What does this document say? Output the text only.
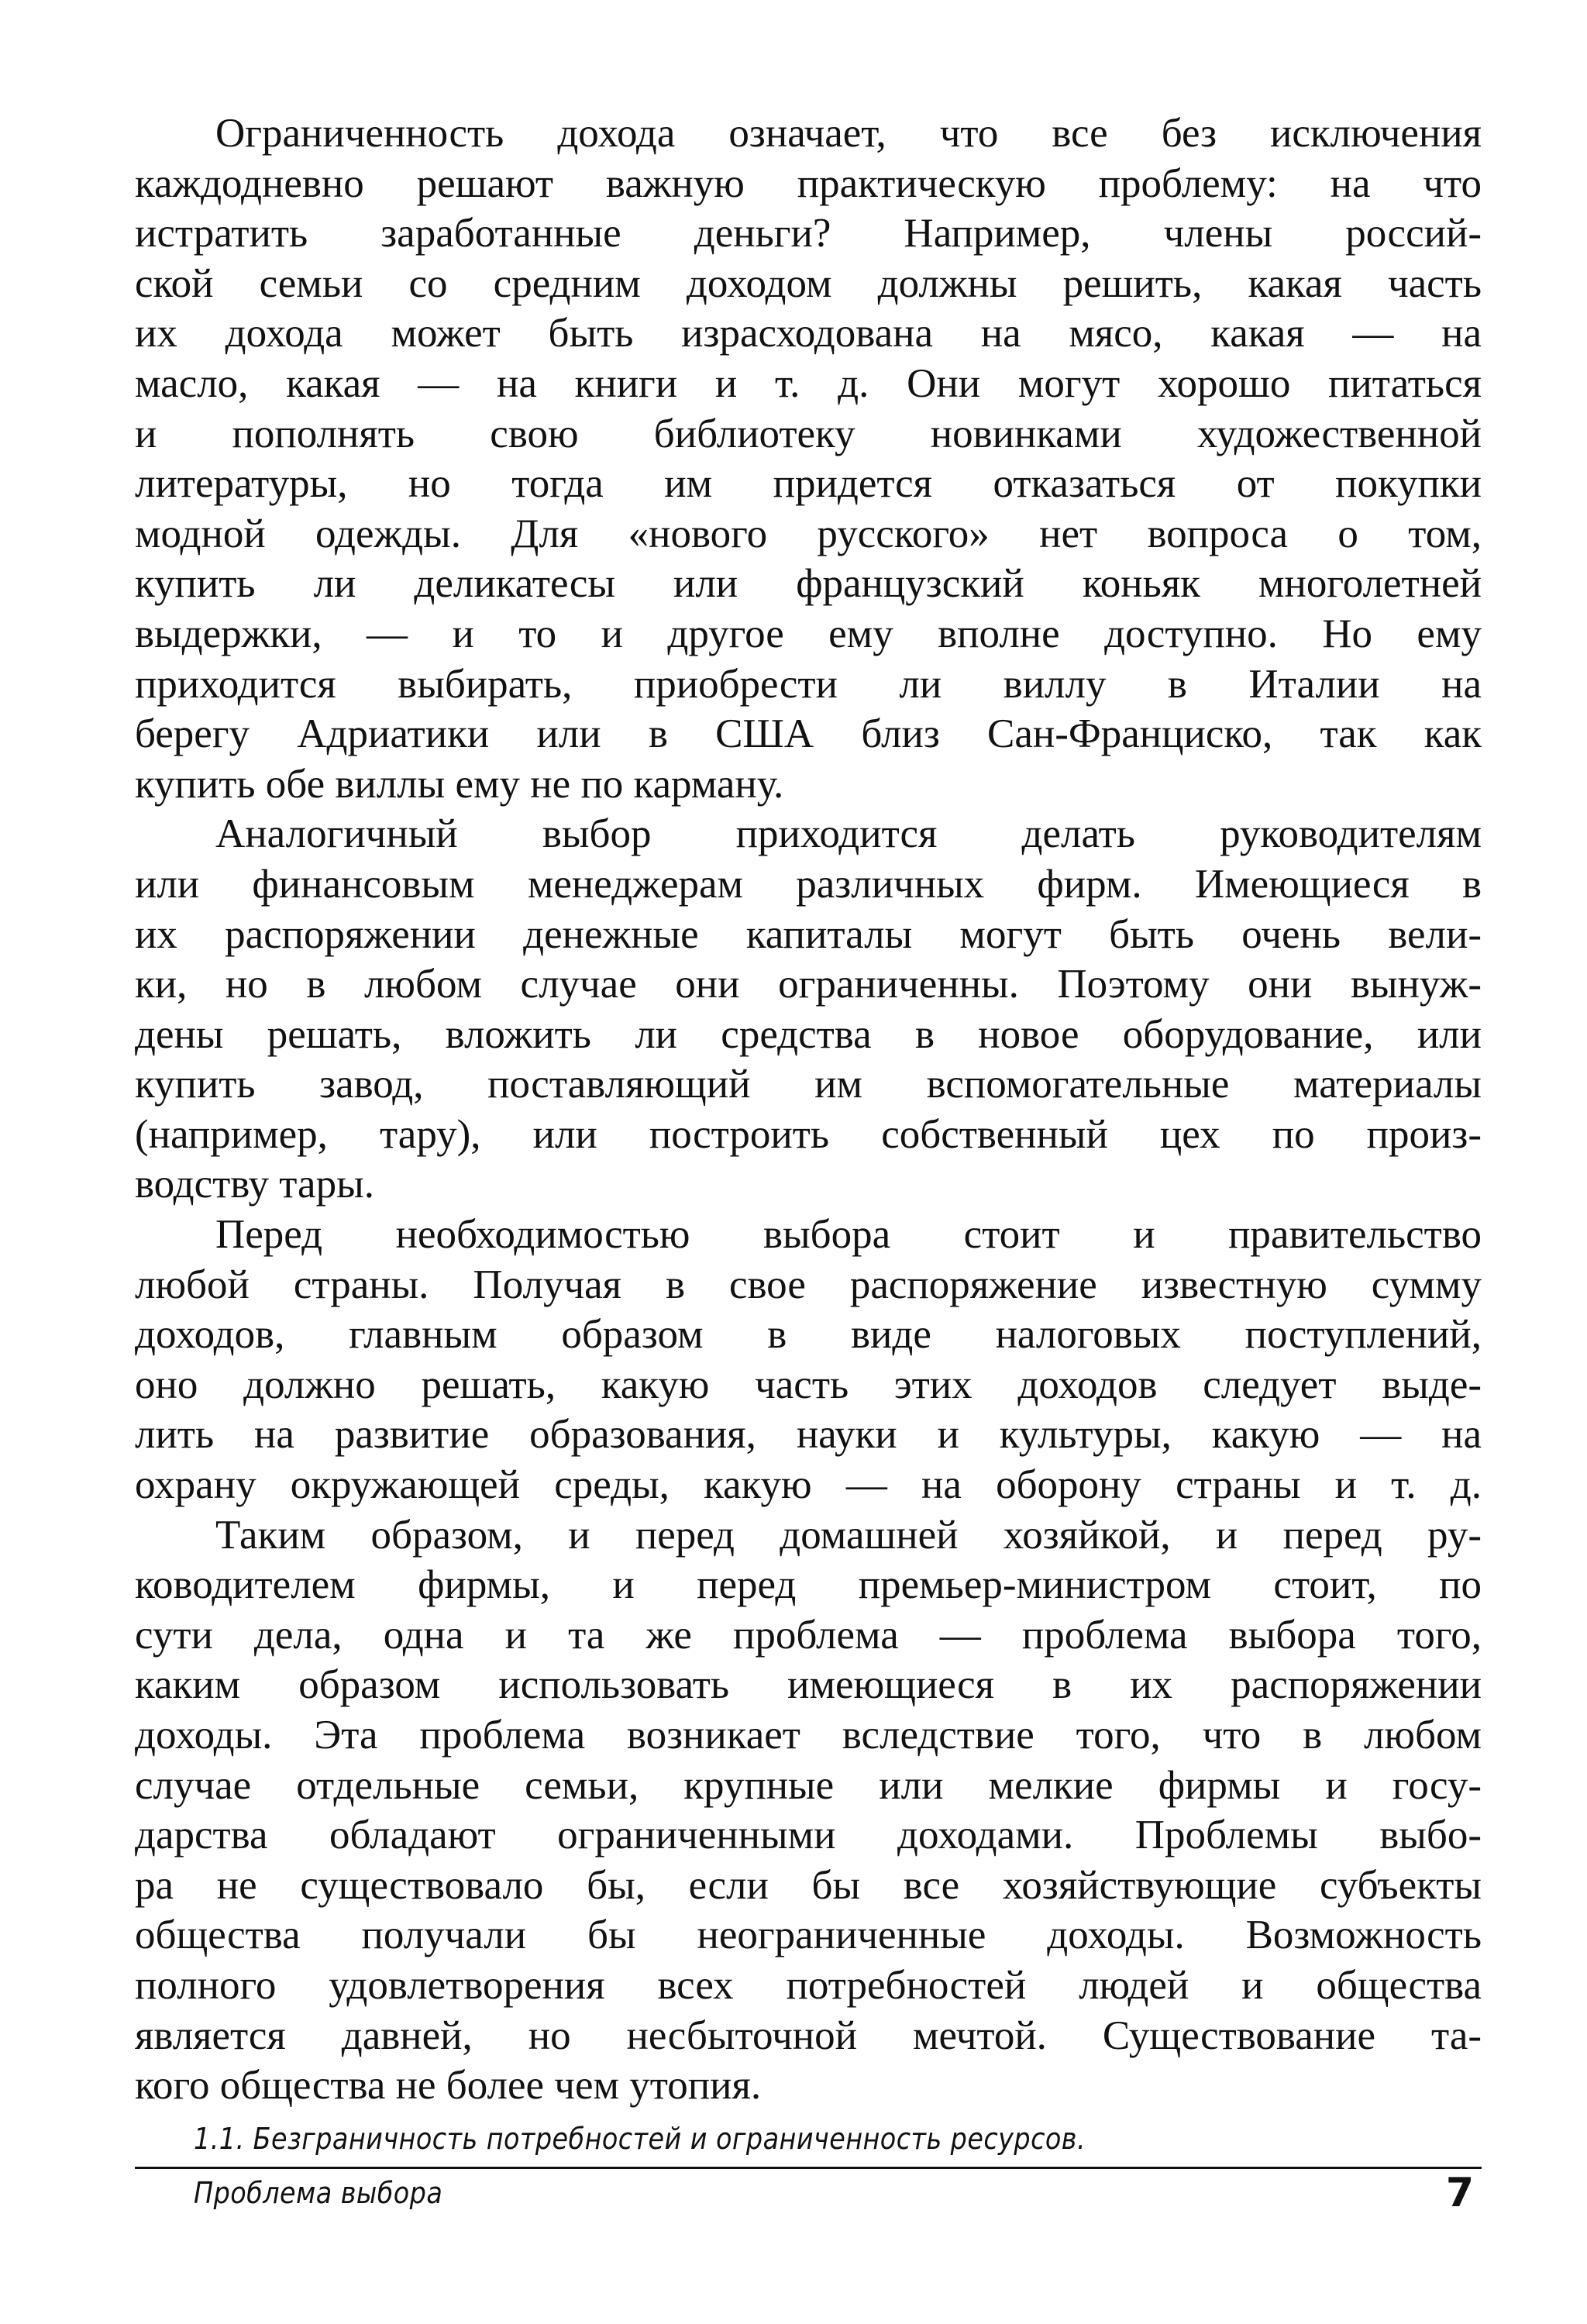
Ограниченность дохода означает, что все без исключения
каждодневно решают важную практическую проблему: на что
истратить заработанные деньги? Например, члены россий-
ской семьи со средним доходом должны решить, какая часть
их дохода может быть израсходована на мясо, какая — на
масло, какая — на книги и т. д. Они могут хорошо питаться
и пополнять свою библиотеку новинками художественной
литературы, но тогда им придется отказаться от покупки
модной одежды. Для «нового русского» нет вопроса о том,
купить ли деликатесы или французский коньяк многолетней
выдержки, — и то и другое ему вполне доступно. Но ему
приходится выбирать, приобрести ли виллу в Италии на
берегу Адриатики или в США близ Сан-Франциско, так как
купить обе виллы ему не по карману.
Аналогичный выбор приходится делать руководителям
или финансовым менеджерам различных фирм. Имеющиеся в
их распоряжении денежные капиталы могут быть очень вели-
ки, но в любом случае они ограниченны. Поэтому они вынуж-
дены решать, вложить ли средства в новое оборудование, или
купить завод, поставляющий им вспомогательные материалы
(например, тару), или построить собственный цех по произ-
водству тары.
Перед необходимостью выбора стоит и правительство
любой страны. Получая в свое распоряжение известную сумму
доходов, главным образом в виде налоговых поступлений,
оно должно решать, какую часть этих доходов следует выде-
лить на развитие образования, науки и культуры, какую — на
охрану окружающей среды, какую — на оборону страны и т. д.
Таким образом, и перед домашней хозяйкой, и перед ру-
ководителем фирмы, и перед премьер-министром стоит, по
сути дела, одна и та же проблема — проблема выбора того,
каким образом использовать имеющиеся в их распоряжении
доходы. Эта проблема возникает вследствие того, что в любом
случае отдельные семьи, крупные или мелкие фирмы и госу-
дарства обладают ограниченными доходами. Проблемы выбо-
ра не существовало бы, если бы все хозяйствующие субъекты
общества получали бы неограниченные доходы. Возможность
полного удовлетворения всех потребностей людей и общества
является давней, но несбыточной мечтой. Существование та-
кого общества не более чем утопия.
1.1. Безграничность потребностей и ограниченность ресурсов.
Проблема выбора	7
